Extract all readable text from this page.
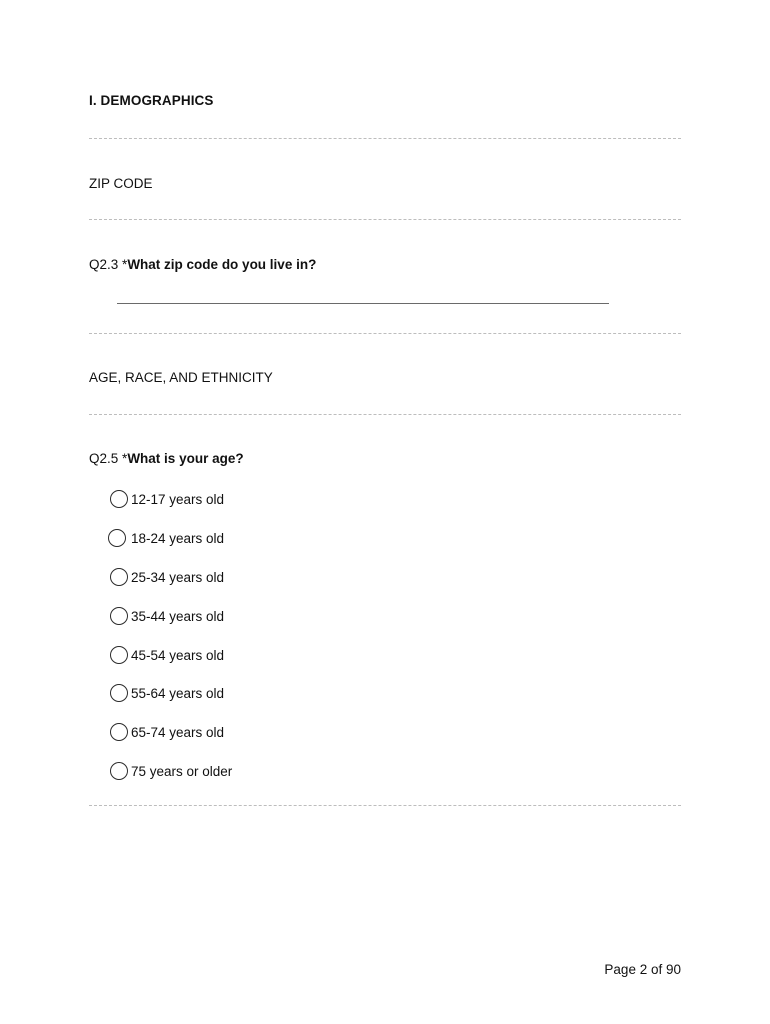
I. DEMOGRAPHICS
ZIP CODE
Q2.3 *What zip code do you live in?
AGE, RACE, AND ETHNICITY
Q2.5 *What is your age?
12-17 years old
18-24 years old
25-34 years old
35-44 years old
45-54 years old
55-64 years old
65-74 years old
75 years or older
Page 2 of 90
